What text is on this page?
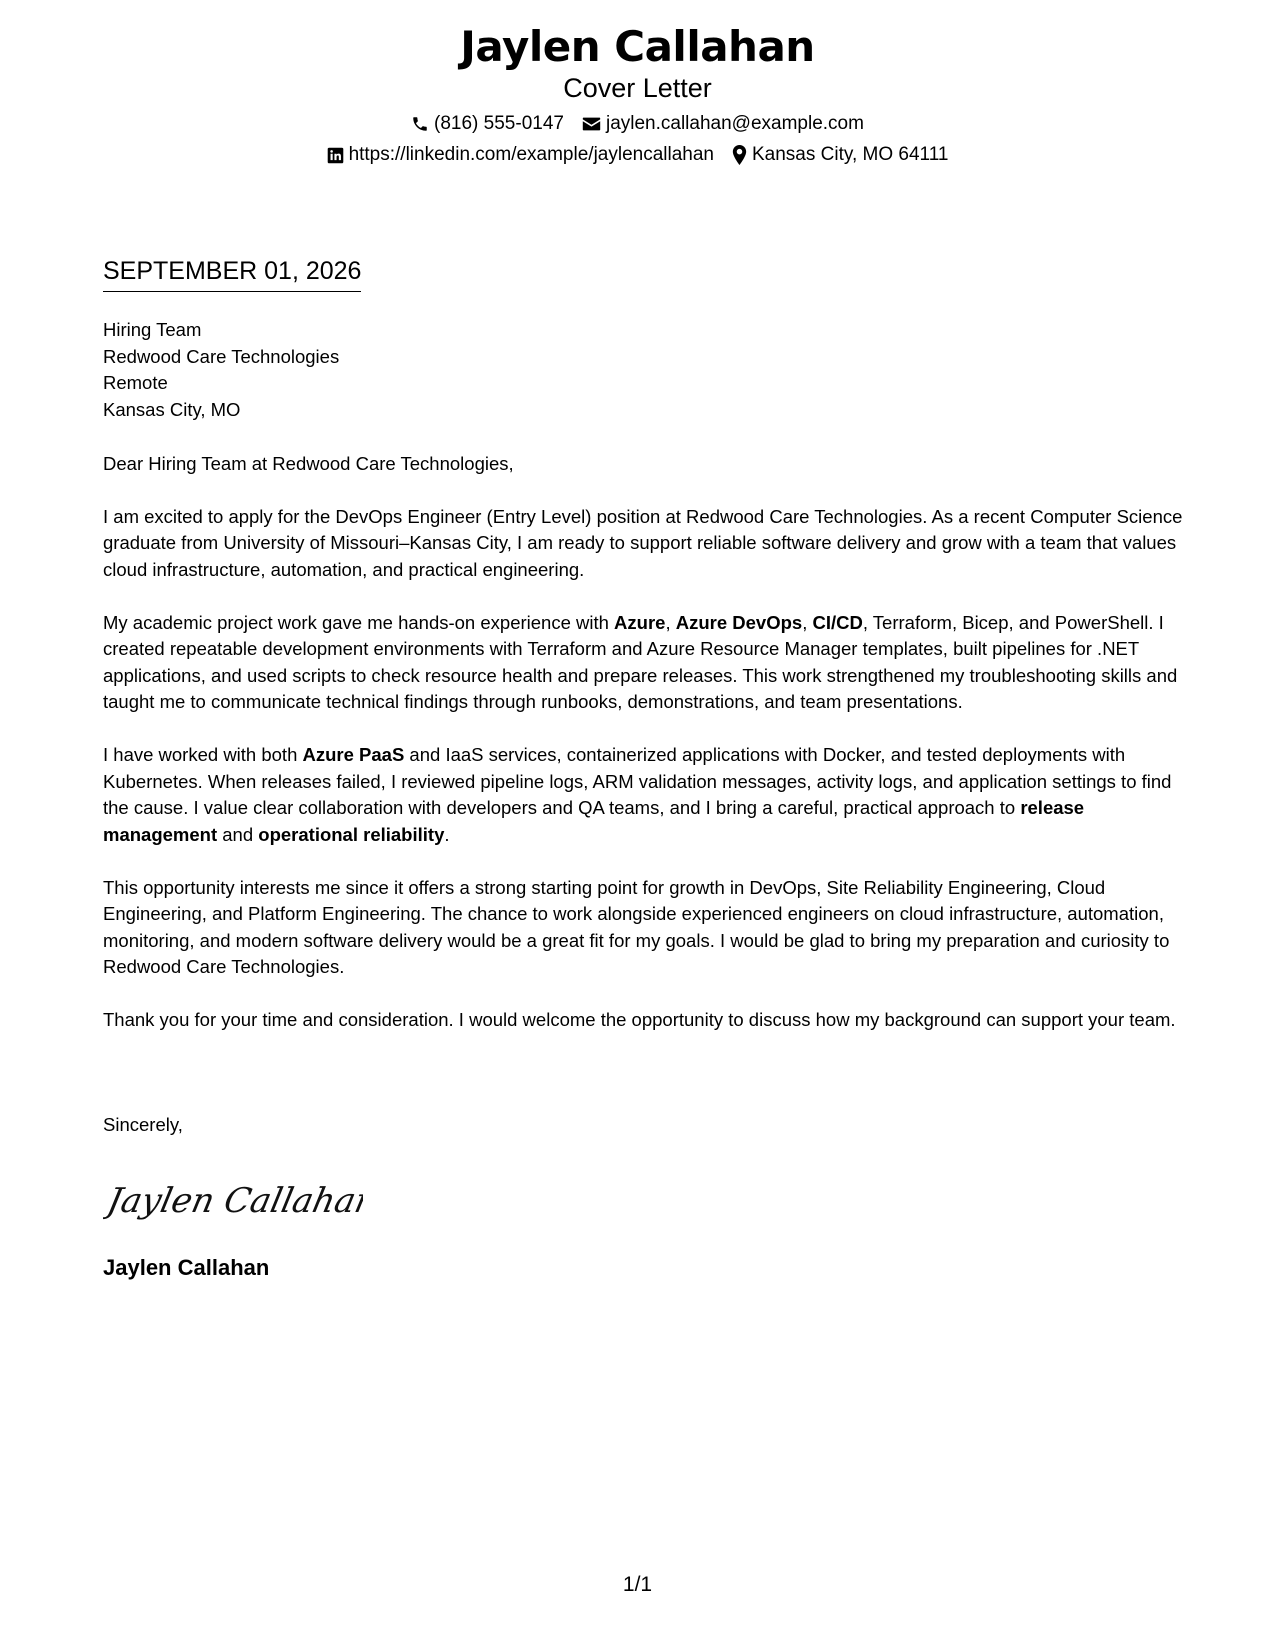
Jaylen Callahan
Cover Letter
(816) 555-0147 jaylen.callahan@example.com
https://linkedin.com/example/jaylencallahan Kansas City, MO 64111
SEPTEMBER 01, 2026
Hiring Team
Redwood Care Technologies
Remote
Kansas City, MO

Dear Hiring Team at Redwood Care Technologies,

I am excited to apply for the DevOps Engineer (Entry Level) position at Redwood Care Technologies. As a recent Computer Science graduate from University of Missouri–Kansas City, I am ready to support reliable software delivery and grow with a team that values cloud infrastructure, automation, and practical engineering.

My academic project work gave me hands-on experience with Azure, Azure DevOps, CI/CD, Terraform, Bicep, and PowerShell. I created repeatable development environments with Terraform and Azure Resource Manager templates, built pipelines for .NET applications, and used scripts to check resource health and prepare releases. This work strengthened my troubleshooting skills and taught me to communicate technical findings through runbooks, demonstrations, and team presentations.

I have worked with both Azure PaaS and IaaS services, containerized applications with Docker, and tested deployments with Kubernetes. When releases failed, I reviewed pipeline logs, ARM validation messages, activity logs, and application settings to find the cause. I value clear collaboration with developers and QA teams, and I bring a careful, practical approach to release management and operational reliability.

This opportunity interests me since it offers a strong starting point for growth in DevOps, Site Reliability Engineering, Cloud Engineering, and Platform Engineering. The chance to work alongside experienced engineers on cloud infrastructure, automation, monitoring, and modern software delivery would be a great fit for my goals. I would be glad to bring my preparation and curiosity to Redwood Care Technologies.

Thank you for your time and consideration. I would welcome the opportunity to discuss how my background can support your team.

Sincerely,
Jaylen Callahan
Jaylen Callahan
1/1
